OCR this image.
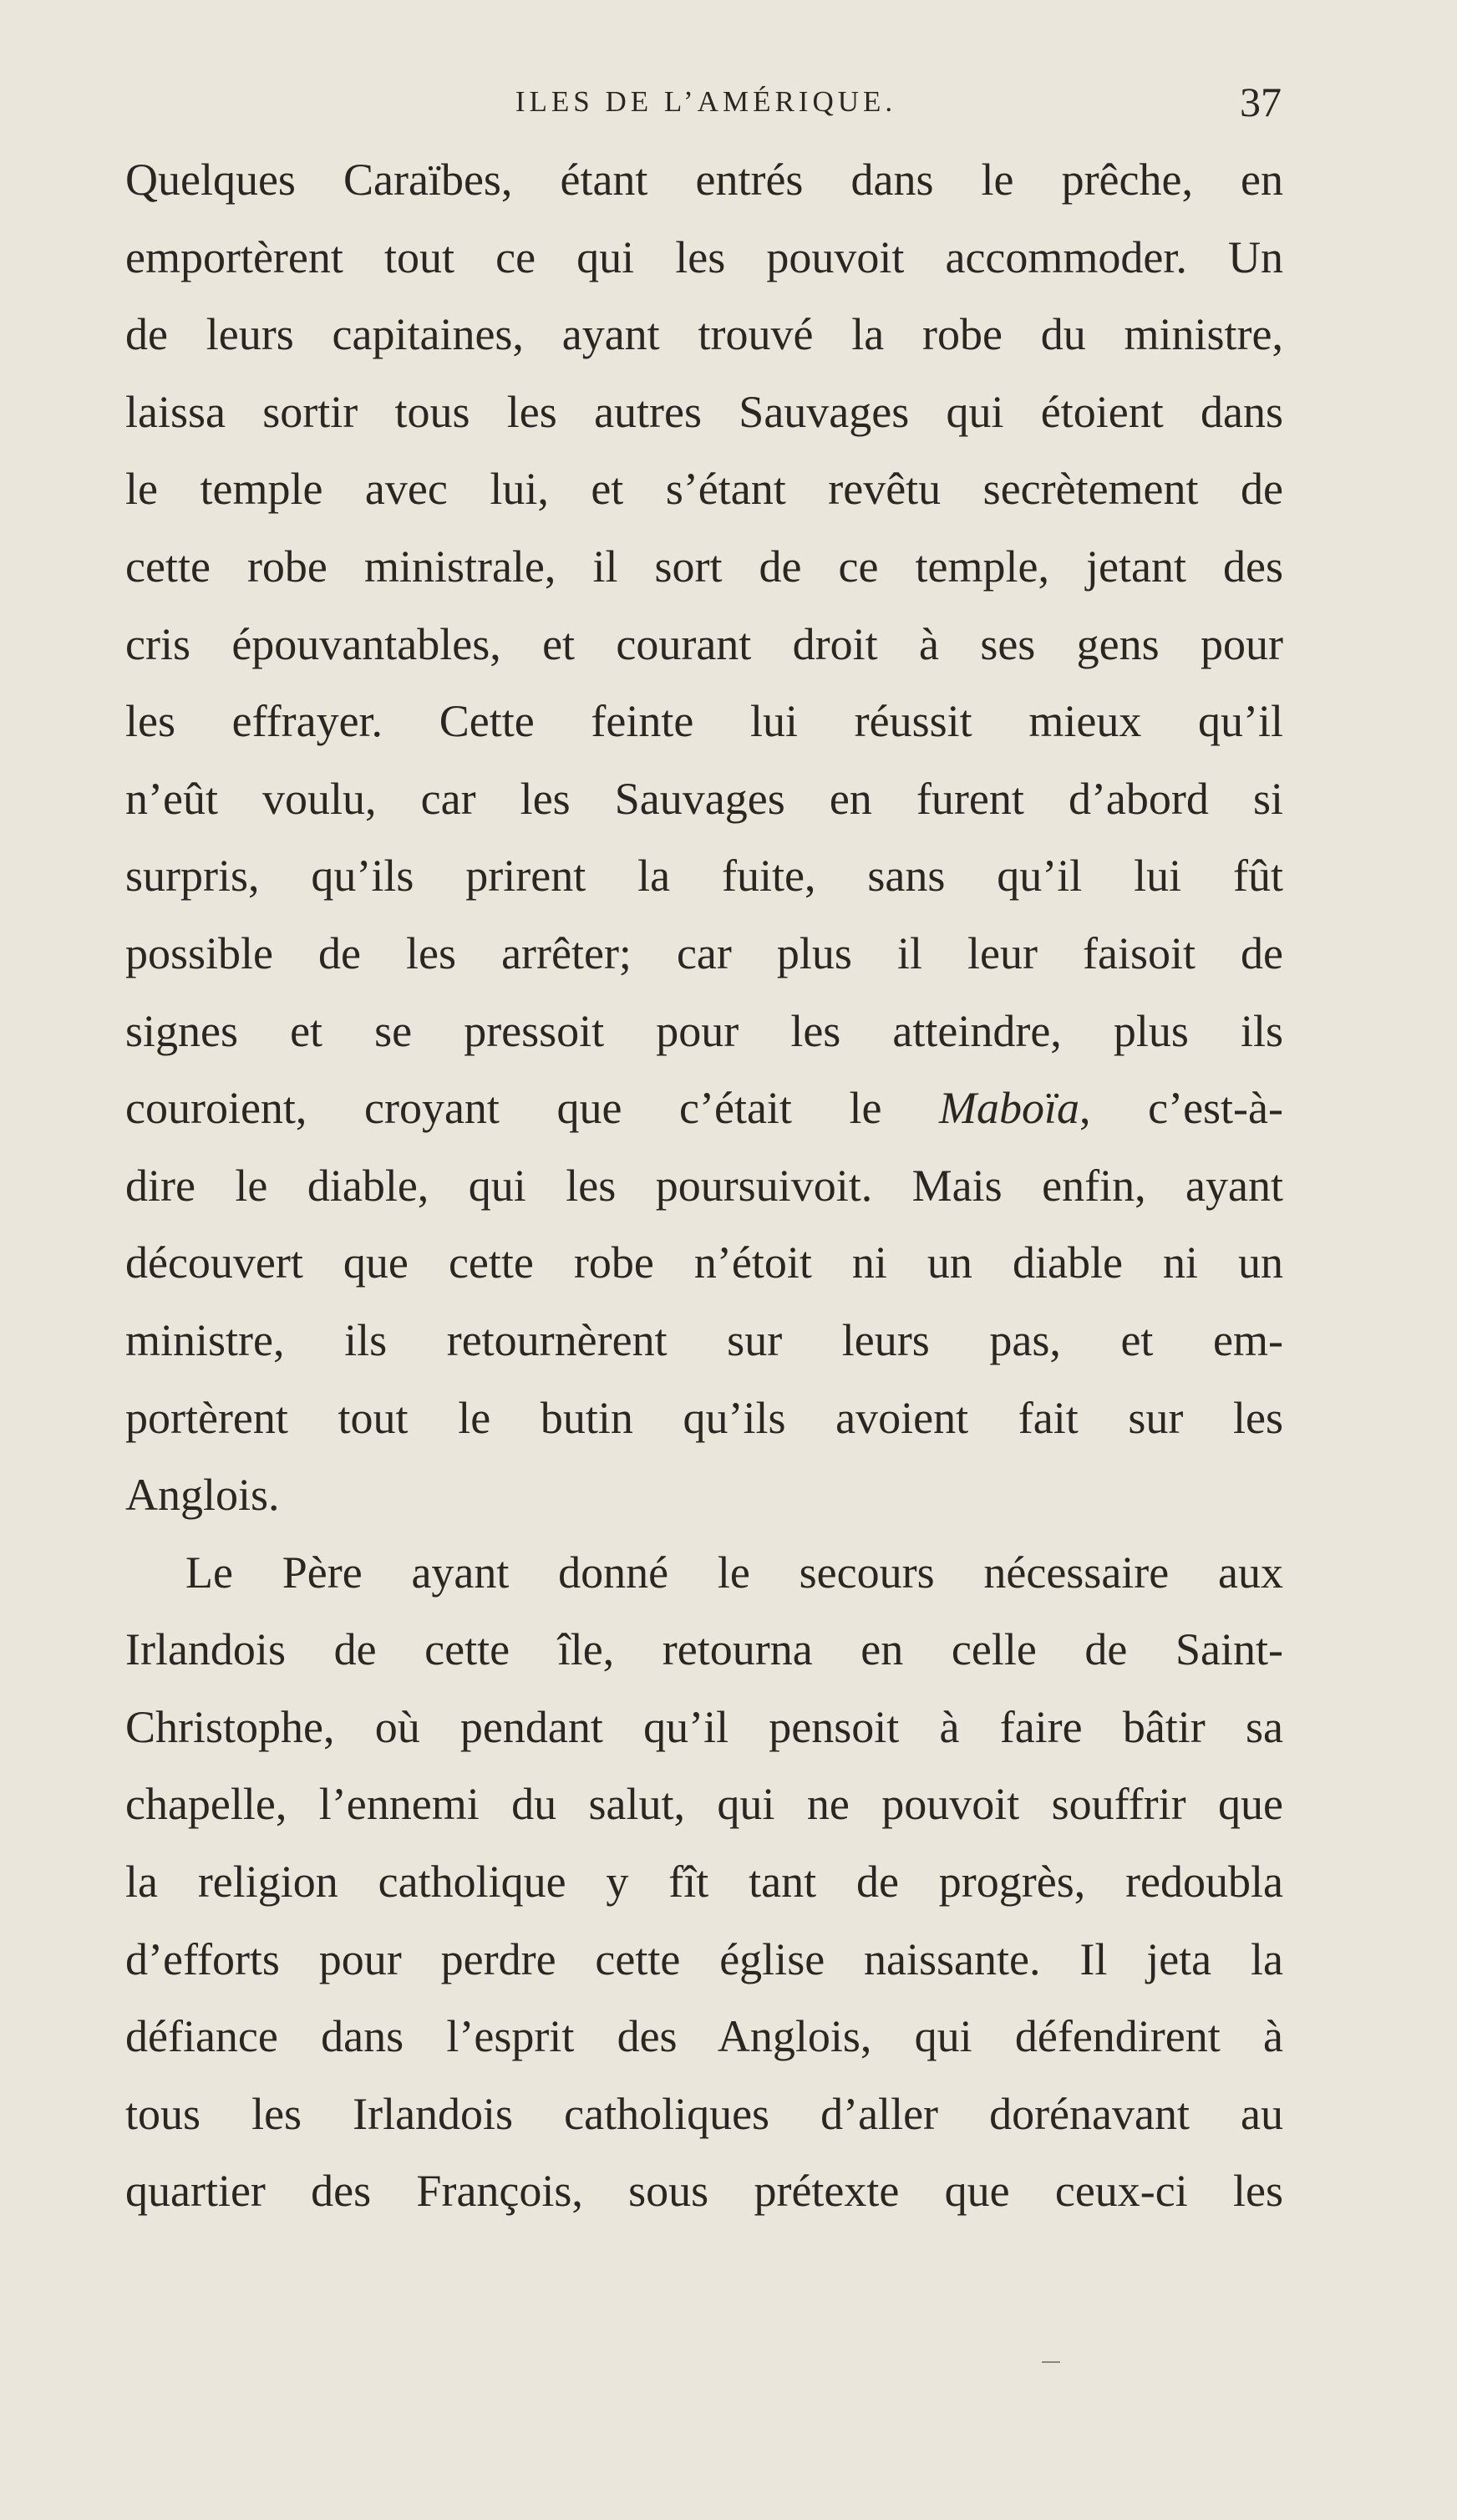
ILES DE L’AMÉRIQUE.	37
Quelques Caraïbes, étant entrés dans le prêche, en
emportèrent tout ce qui les pouvoit accommoder. Un
de leurs capitaines, ayant trouvé la robe du ministre,
laissa sortir tous les autres Sauvages qui étoient dans
le temple avec lui, et s’étant revêtu secrètement de
cette robe ministrale, il sort de ce temple, jetant des
cris épouvantables, et courant droit à ses gens pour
les effrayer. Cette feinte lui réussit mieux qu’il
n’eût voulu, car les Sauvages en furent d’abord si
surpris, qu’ils prirent la fuite, sans qu’il lui fût
possible de les arrêter; car plus il leur faisoit de
signes et se pressoit pour les atteindre, plus ils
couroient, croyant que c’était le Maboïa, c’est-à-
dire le diable, qui les poursuivoit. Mais enfin, ayant
découvert que cette robe n’étoit ni un diable ni un
ministre, ils retournèrent sur leurs pas, et em-
portèrent tout le butin qu’ils avoient fait sur les
Anglois.
Le Père ayant donné le secours nécessaire aux
Irlandois de cette île, retourna en celle de Saint-
Christophe, où pendant qu’il pensoit à faire bâtir sa
chapelle, l’ennemi du salut, qui ne pouvoit souffrir que
la religion catholique y fît tant de progrès, redoubla
d’efforts pour perdre cette église naissante. Il jeta la
défiance dans l’esprit des Anglois, qui défendirent à
tous les Irlandois catholiques d’aller dorénavant au
quartier des François, sous prétexte que ceux-ci les
